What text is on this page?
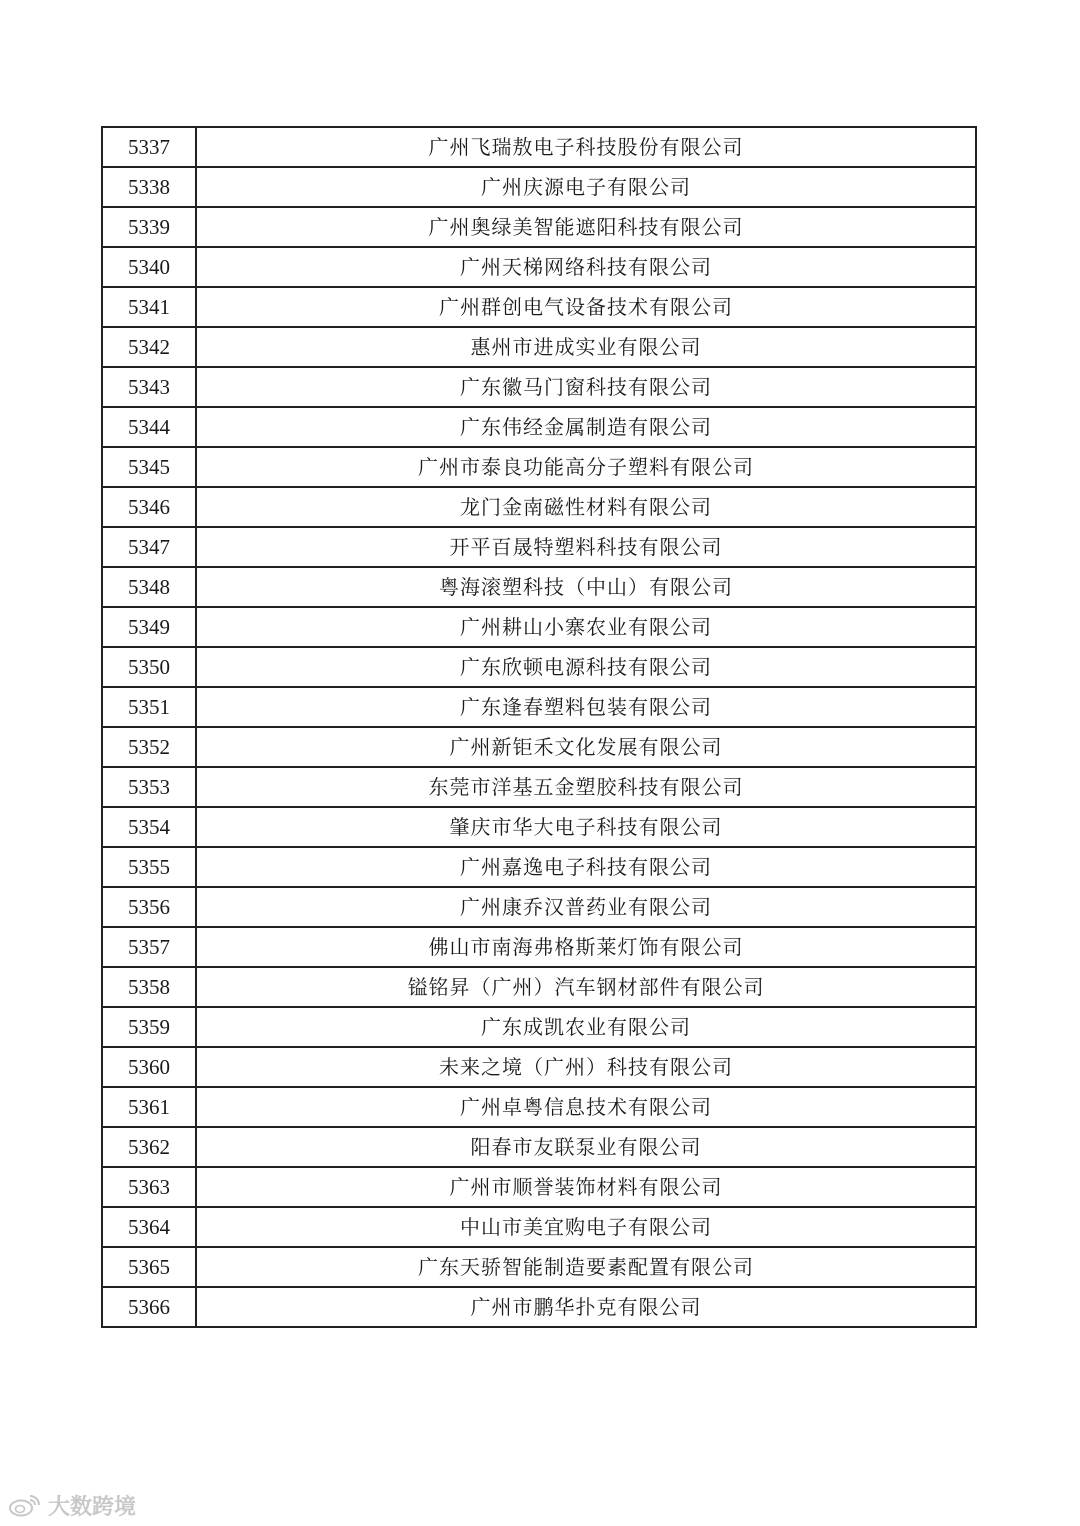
5337	广州飞瑞敖电子科技股份有限公司
5338	广州庆源电子有限公司
5339	广州奥绿美智能遮阳科技有限公司
5340	广州天梯网络科技有限公司
5341	广州群创电气设备技术有限公司
5342	惠州市进成实业有限公司
5343	广东徽马门窗科技有限公司
5344	广东伟经金属制造有限公司
5345	广州市泰良功能高分子塑料有限公司
5346	龙门金南磁性材料有限公司
5347	开平百晟特塑料科技有限公司
5348	粤海滚塑科技（中山）有限公司
5349	广州耕山小寨农业有限公司
5350	广东欣顿电源科技有限公司
5351	广东逢春塑料包装有限公司
5352	广州新钜禾文化发展有限公司
5353	东莞市洋基五金塑胶科技有限公司
5354	肇庆市华大电子科技有限公司
5355	广州嘉逸电子科技有限公司
5356	广州康乔汉普药业有限公司
5357	佛山市南海弗格斯莱灯饰有限公司
5358	镒铭昇（广州）汽车钢材部件有限公司
5359	广东成凯农业有限公司
5360	未来之境（广州）科技有限公司
5361	广州卓粤信息技术有限公司
5362	阳春市友联泵业有限公司
5363	广州市顺誉装饰材料有限公司
5364	中山市美宜购电子有限公司
5365	广东天骄智能制造要素配置有限公司
5366	广州市鹏华扑克有限公司
大数跨境
